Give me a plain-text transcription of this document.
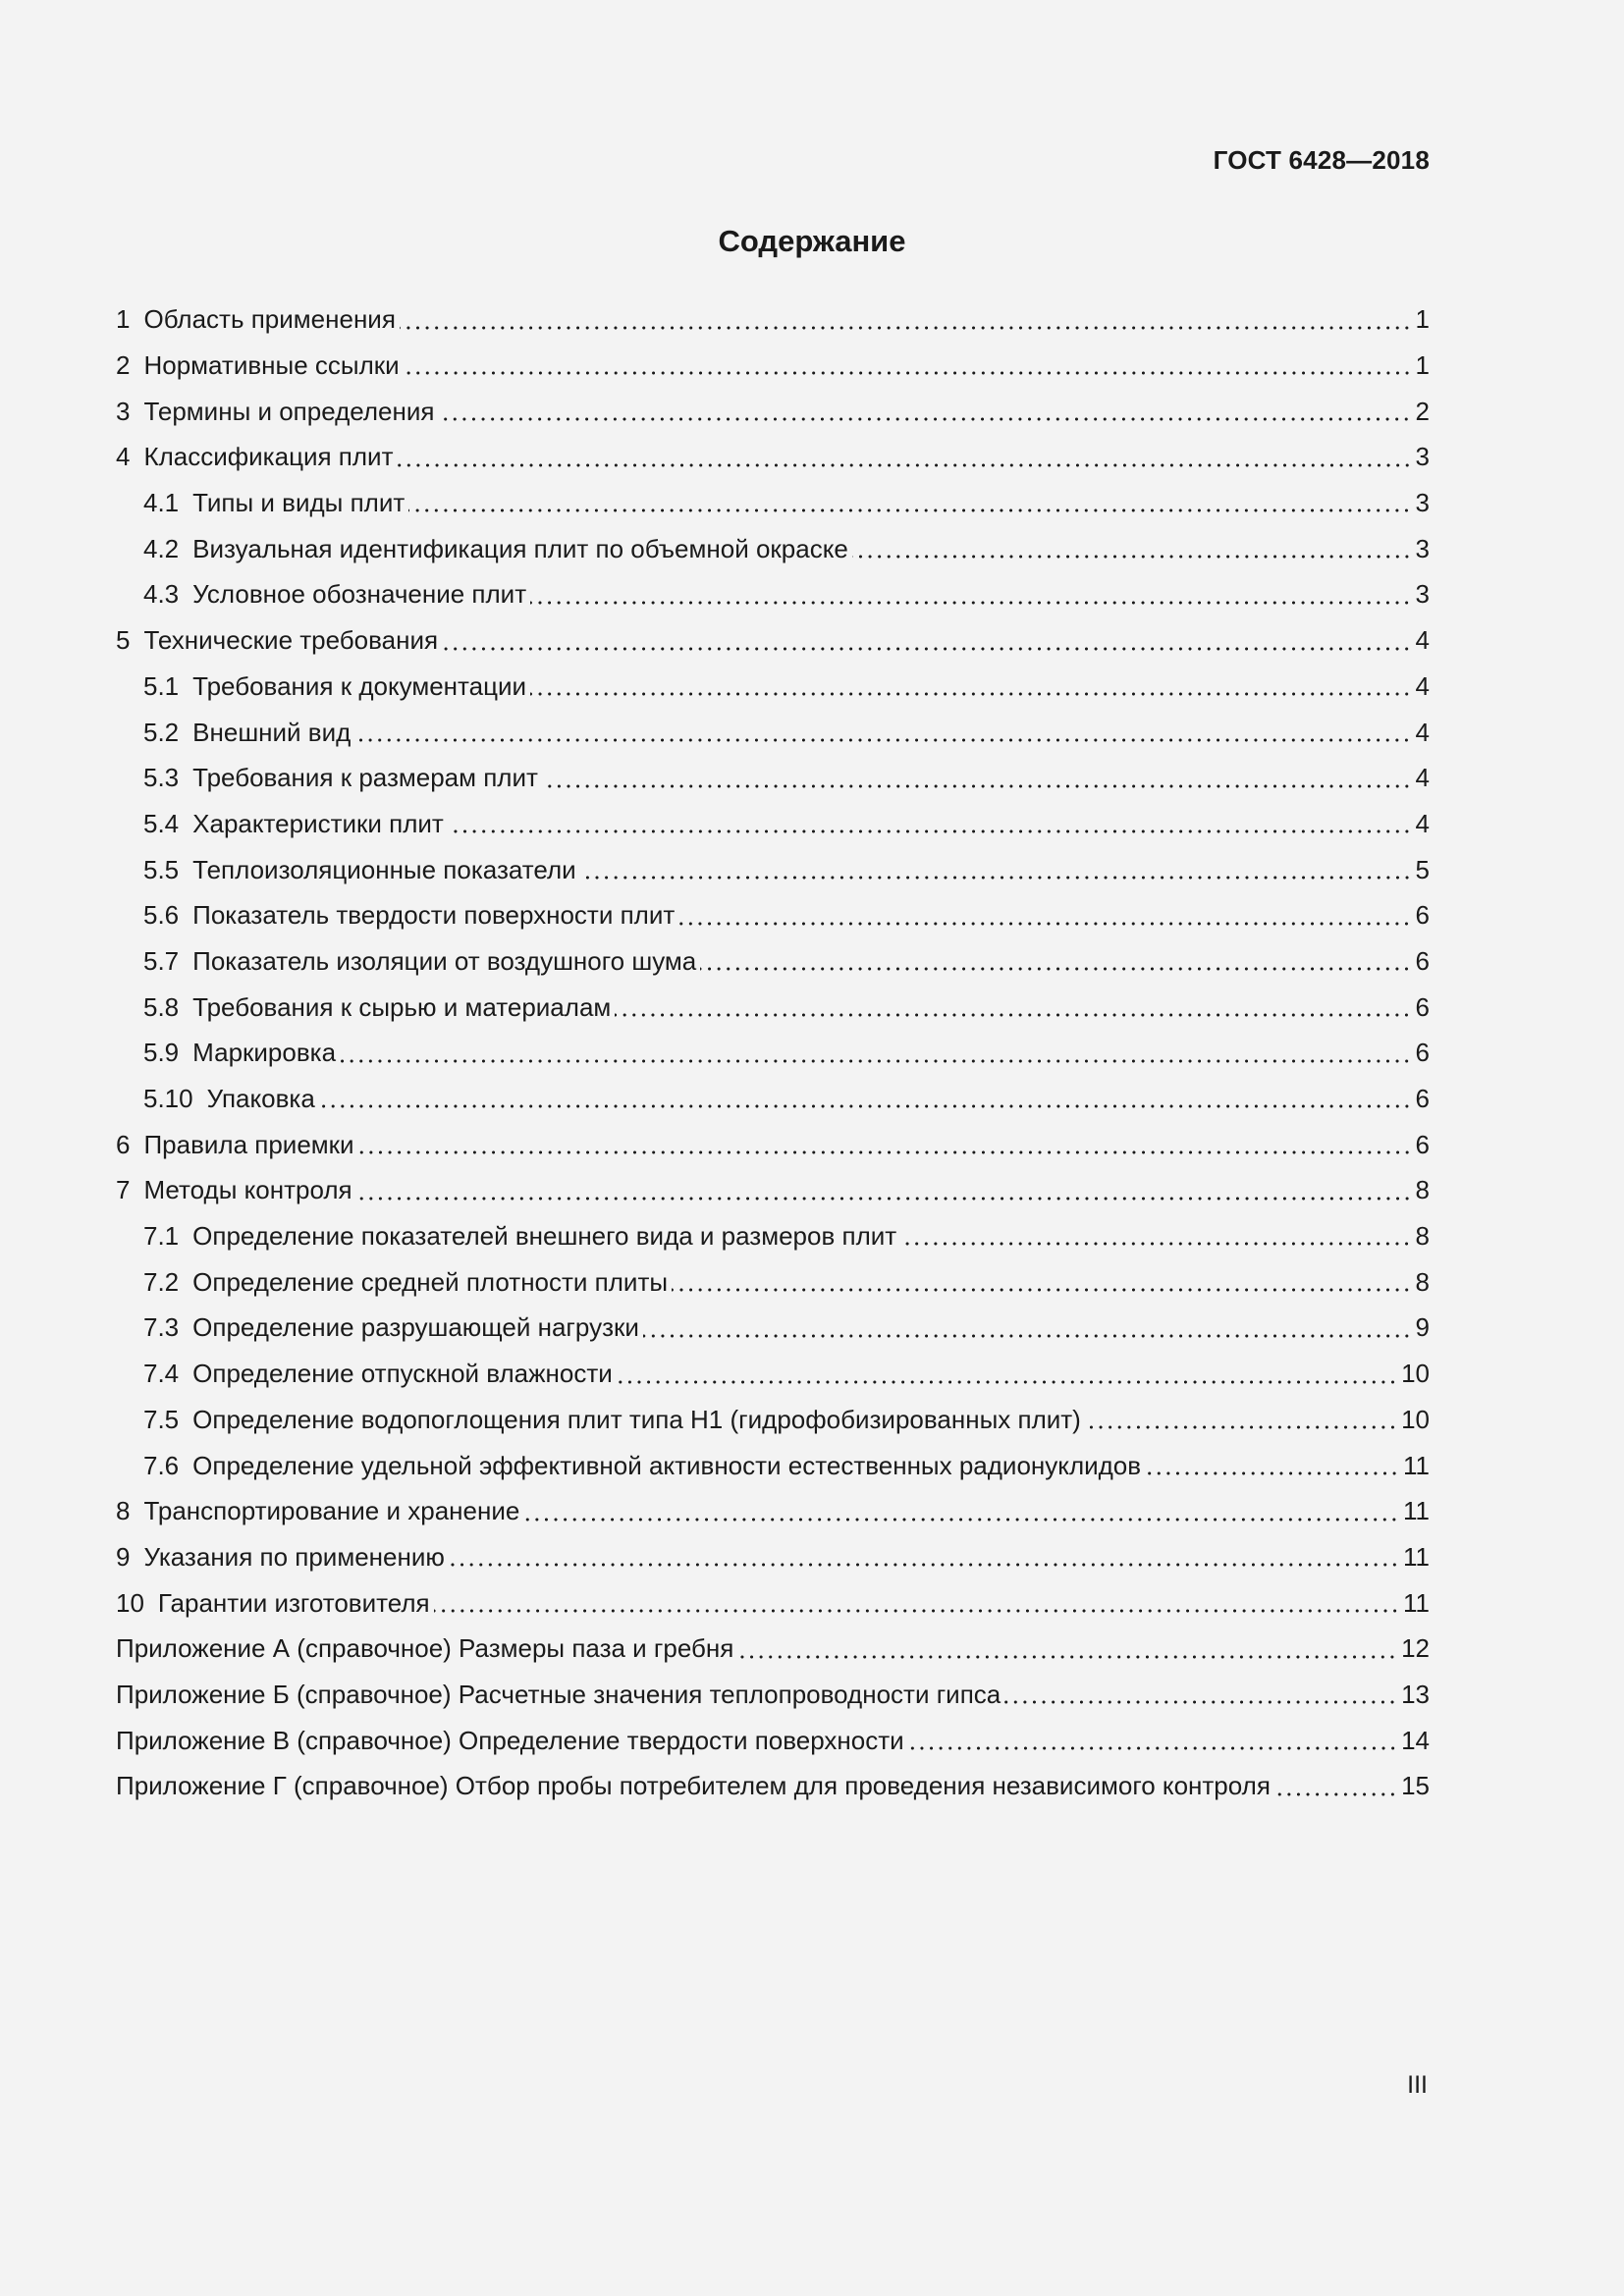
ГОСТ 6428—2018
Содержание
1 Область применения	1
2 Нормативные ссылки	1
3 Термины и определения	2
4 Классификация плит	3
4.1 Типы и виды плит	3
4.2 Визуальная идентификация плит по объемной окраске	3
4.3 Условное обозначение плит	3
5 Технические требования	4
5.1 Требования к документации	4
5.2 Внешний вид	4
5.3 Требования к размерам плит	4
5.4 Характеристики плит	4
5.5 Теплоизоляционные показатели	5
5.6 Показатель твердости поверхности плит	6
5.7 Показатель изоляции от воздушного шума	6
5.8 Требования к сырью и материалам	6
5.9 Маркировка	6
5.10 Упаковка	6
6 Правила приемки	6
7 Методы контроля	8
7.1 Определение показателей внешнего вида и размеров плит	8
7.2 Определение средней плотности плиты	8
7.3 Определение разрушающей нагрузки	9
7.4 Определение отпускной влажности	10
7.5 Определение водопоглощения плит типа Н1 (гидрофобизированных плит)	10
7.6 Определение удельной эффективной активности естественных радионуклидов	11
8 Транспортирование и хранение	11
9 Указания по применению	11
10 Гарантии изготовителя	11
Приложение А (справочное) Размеры паза и гребня	12
Приложение Б (справочное) Расчетные значения теплопроводности гипса	13
Приложение В (справочное) Определение твердости поверхности	14
Приложение Г (справочное) Отбор пробы потребителем для проведения независимого контроля	15
III
